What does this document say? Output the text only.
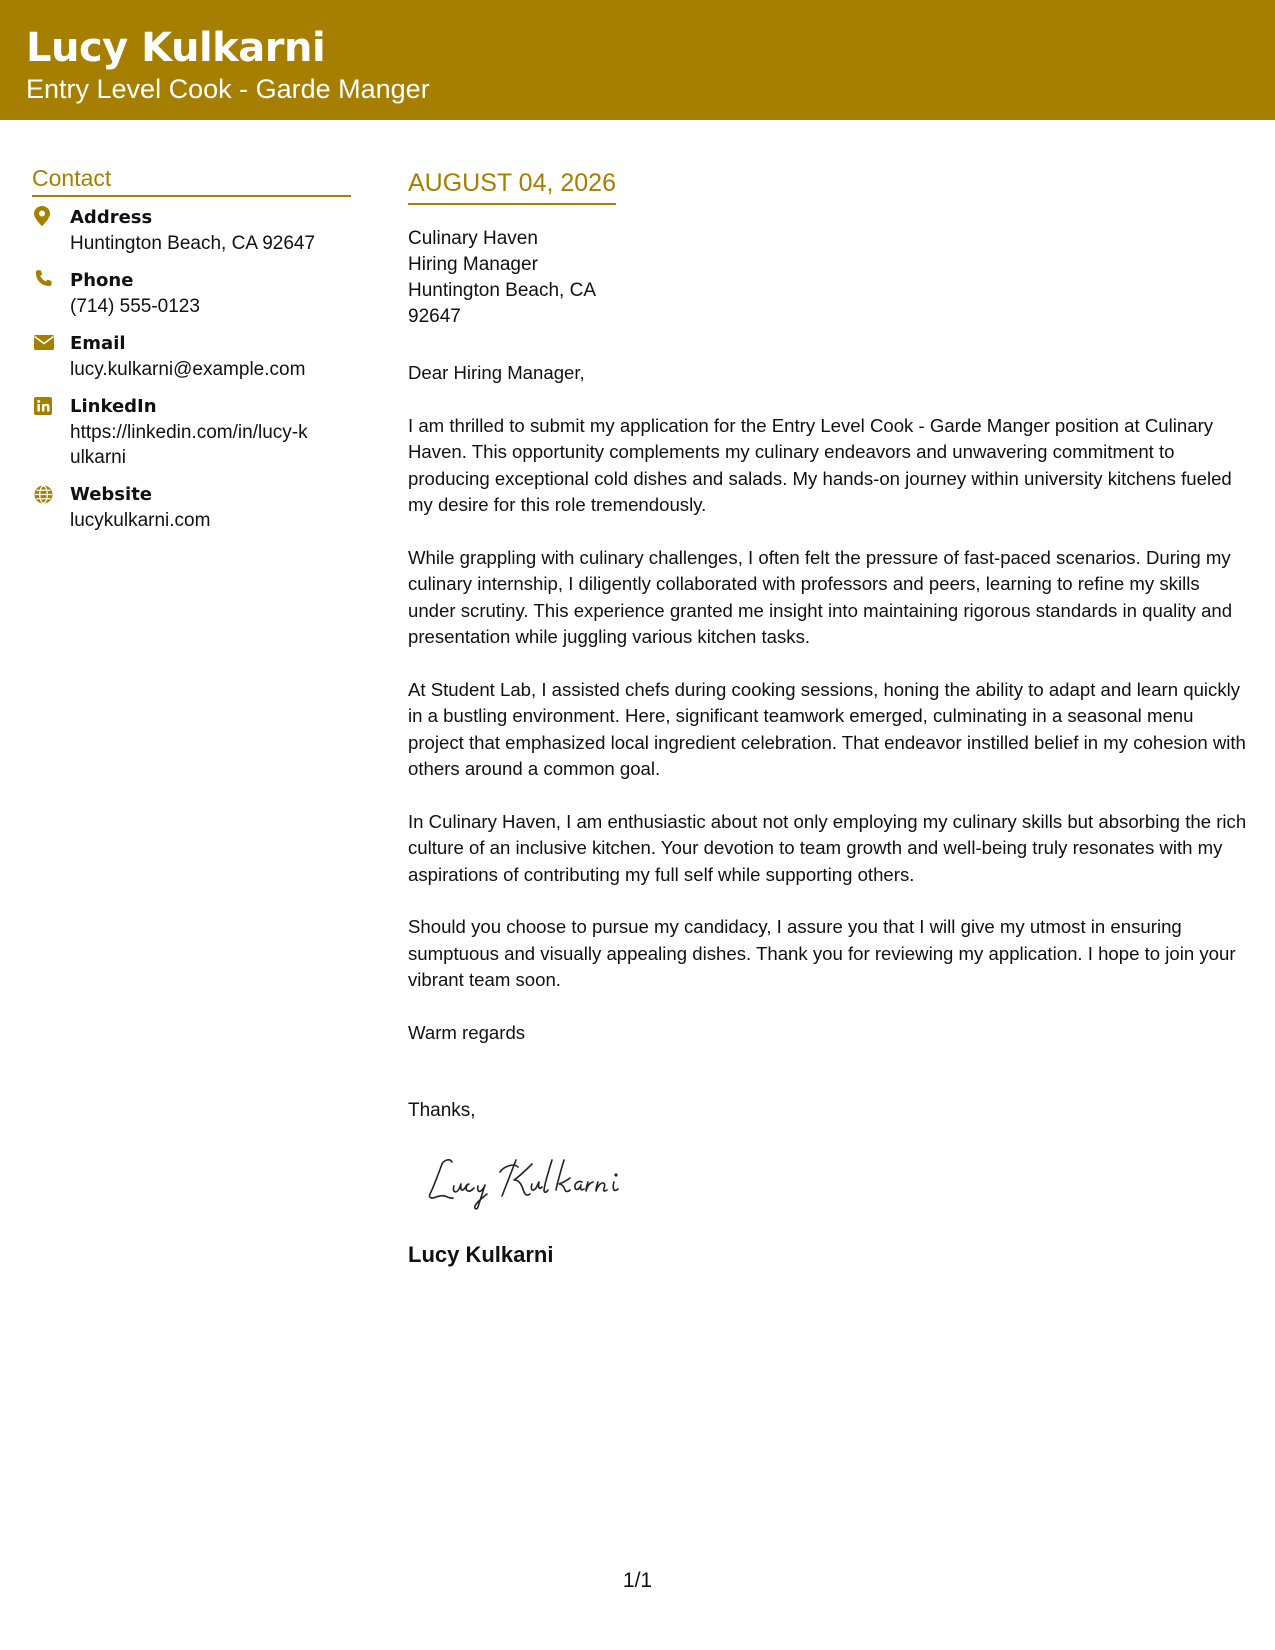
Lucy Kulkarni
Entry Level Cook - Garde Manger
Contact
Address
Huntington Beach, CA 92647
Phone
(714) 555-0123
Email
lucy.kulkarni@example.com
LinkedIn
https://linkedin.com/in/lucy-kulkarni
Website
lucykulkarni.com
AUGUST 04, 2026
Culinary Haven
Hiring Manager
Huntington Beach, CA
92647

Dear Hiring Manager,

I am thrilled to submit my application for the Entry Level Cook - Garde Manger position at Culinary Haven. This opportunity complements my culinary endeavors and unwavering commitment to producing exceptional cold dishes and salads. My hands-on journey within university kitchens fueled my desire for this role tremendously.

While grappling with culinary challenges, I often felt the pressure of fast-paced scenarios. During my culinary internship, I diligently collaborated with professors and peers, learning to refine my skills under scrutiny. This experience granted me insight into maintaining rigorous standards in quality and presentation while juggling various kitchen tasks.

At Student Lab, I assisted chefs during cooking sessions, honing the ability to adapt and learn quickly in a bustling environment. Here, significant teamwork emerged, culminating in a seasonal menu project that emphasized local ingredient celebration. That endeavor instilled belief in my cohesion with others around a common goal.

In Culinary Haven, I am enthusiastic about not only employing my culinary skills but absorbing the rich culture of an inclusive kitchen. Your devotion to team growth and well-being truly resonates with my aspirations of contributing my full self while supporting others.

Should you choose to pursue my candidacy, I assure you that I will give my utmost in ensuring sumptuous and visually appealing dishes. Thank you for reviewing my application. I hope to join your vibrant team soon.

Warm regards

Thanks,
Lucy Kulkarni
1/1
